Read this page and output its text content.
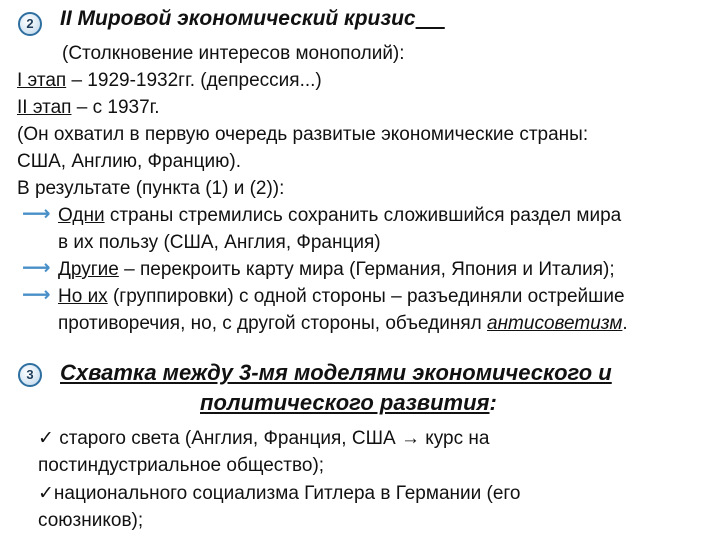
2	II Мировой экономический кризис
(Столкновение интересов монополий):
I этап – 1929-1932гг. (депрессия...)
II этап – с 1937г.
(Он охватил в первую очередь развитые экономические страны:
США, Англию, Францию).
В результате (пункта (1) и (2)):
⟶ Одни страны стремились сохранить сложившийся раздел мира
в их пользу (США, Англия, Франция)
⟶ Другие – перекроить карту мира (Германия, Япония и Италия);
⟶ Но их (группировки) с одной стороны – разъединяли острейшие
противоречия, но, с другой стороны, объединял антисоветизм.
3	Схватка между 3-мя моделями экономического и
политического развития:
✓ старого света (Англия, Франция, США → курс на
постиндустриальное общество);
✓национального социализма Гитлера в Германии (его
союзников);
